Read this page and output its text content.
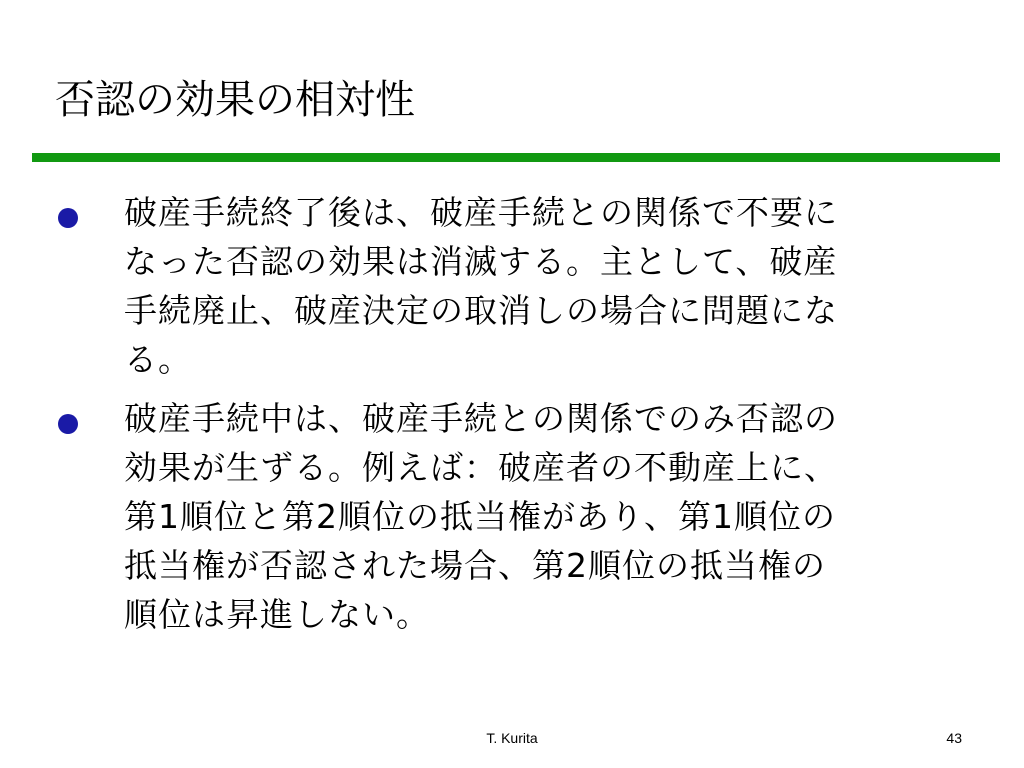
否認の効果の相対性
破産手続終了後は、破産手続との関係で不要に
なった否認の効果は消滅する。主として、破産
手続廃止、破産決定の取消しの場合に問題にな
る。
破産手続中は、破産手続との関係でのみ否認の
効果が生ずる。例えば：破産者の不動産上に、
第1順位と第2順位の抵当権があり、第1順位の
抵当権が否認された場合、第2順位の抵当権の
順位は昇進しない。
T. Kurita	43
